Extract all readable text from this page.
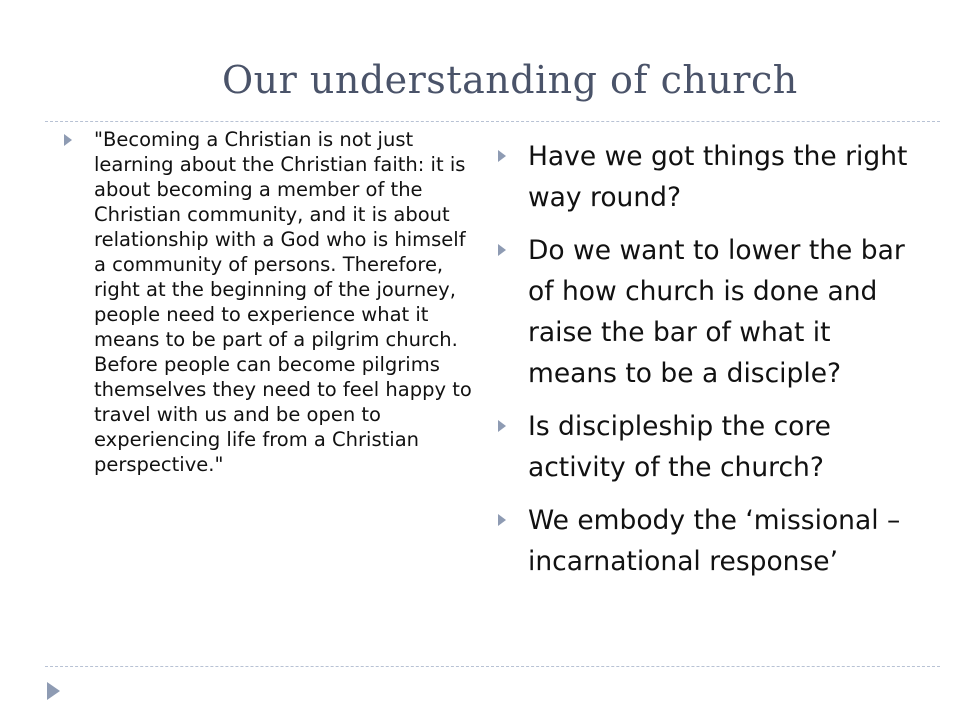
Our understanding of church
"Becoming a Christian is not just learning about the Christian faith: it is about becoming a member of the Christian community, and it is about relationship with a God who is himself a community of persons. Therefore, right at the beginning of the journey, people need to experience what it means to be part of a pilgrim church. Before people can become pilgrims themselves they need to feel happy to travel with us and be open to experiencing life from a Christian perspective."
Have we got things the right way round?
Do we want to lower the bar of how church is done and raise the bar of what it means to be a disciple?
Is discipleship the core activity of the church?
We embody the ‘missional – incarnational response’
